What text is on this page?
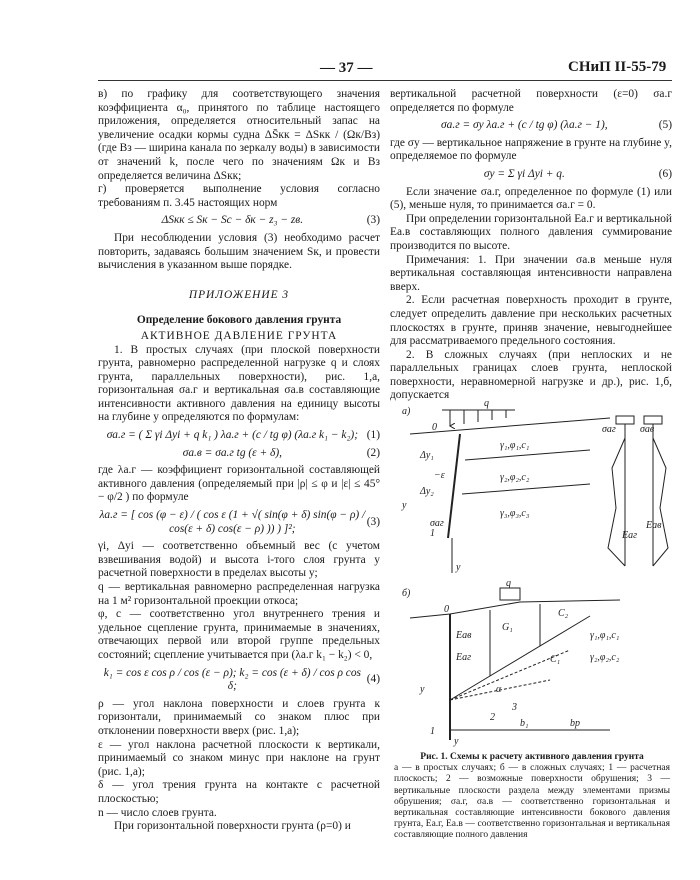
— 37 —	СНиП II-55-79

в) по графику для соответствующего значения коэффициента α₀, принятого по таблице настоящего приложения, определяется относительный запас на увеличение осадки кормы судна ΔS̄кк = ΔSкк / (Ωк/Bз) (где Bз — ширина канала по зеркалу воды) в зависимости от значений k, после чего по значениям Ωк и Bз определяется величина ΔSкк;

г) проверяется выполнение условия согласно требованиям п. 3.45 настоящих норм

ΔSкк ≤ Sк − Sс − δк − z₃ − zв.	(3)

При несоблюдении условия (3) необходимо расчет повторить, задаваясь большим значением Sк, и провести вычисления в указанном выше порядке.

ПРИЛОЖЕНИЕ 3

Определение бокового давления грунта

АКТИВНОЕ ДАВЛЕНИЕ ГРУНТА

1. В простых случаях (при плоской поверхности грунта, равномерно распределенной нагрузке q и слоях грунта, параллельных поверхности), рис. 1,а, горизонтальная σа.г и вертикальная σа.в составляющие интенсивности активного давления на единицу высоты на глубине y определяются по формулам:

σа.г = ( Σ γi Δyi + q k₁ ) λа.г + (c / tg φ) (λа.г k₁ − k₂); (1)
σа.в = σа.г tg (ε + δ),	(2)

где λа.г — коэффициент горизонтальной составляющей активного давления (определяемый при |ρ| ≤ φ и |ε| ≤ 45° − φ/2 ) по формуле

λа.г = [ cos (φ − ε) / ( cos ε (1 + √( sin(φ + δ) sin(φ − ρ) / cos(ε + δ) cos(ε − ρ) )) ) ]²;
(3)

γi, Δyi — соответственно объемный вес (с учетом взвешивания водой) и высота i-того слоя грунта у расчетной поверхности в пределах высоты y;

q — вертикальная равномерно распределенная нагрузка на 1 м² горизонтальной проекции откоса;

φ, c — соответственно угол внутреннего трения и удельное сцепление грунта, принимаемые в значениях, отвечающих первой или второй группе предельных состояний; сцепление учитывается при (λа.г k₁ − k₂) < 0,

k₁ = cos ε cos ρ / cos (ε − ρ); k₂ = cos (ε + δ) / cos ρ cos δ;
(4)

ρ — угол наклона поверхности и слоев грунта к горизонтали, принимаемый со знаком плюс при отклонении поверхности вверх (рис. 1,а);

ε — угол наклона расчетной плоскости к вертикали, принимаемый со знаком минус при наклоне на грунт (рис. 1,а);

δ — угол трения грунта на контакте с расчетной плоскостью;

n — число слоев грунта.

При горизонтальной поверхности грунта (ρ=0) и

вертикальной расчетной поверхности (ε=0) σа.г определяется по формуле

σа.г = σy λа.г + (c / tg φ) (λа.г − 1),	(5)

где σy — вертикальное напряжение в грунте на глубине y, определяемое по формуле

σy = Σ γi Δyi + q.	(6)

Если значение σа.г, определенное по формуле (1) или (5), меньше нуля, то принимается σа.г = 0.

При определении горизонтальной Eа.г и вертикальной Eа.в составляющих полного давления суммирование производится по высоте.

Примечания: 1. При значении σа.в меньше нуля вертикальная составляющая интенсивности направлена вверх.

2. Если расчетная поверхность проходит в грунте, следует определить давление при нескольких расчетных плоскостях в грунте, приняв значение, невыгоднейшее для рассматриваемого предельного состояния.

2. В сложных случаях (при неплоских и не параллельных границах слоев грунта, неплоской поверхности, неравномерной нагрузке и др.), рис. 1,б, допускается

а)
q
0
y
γ₁,φ₁,c₁
γ₂,φ₂,c₂
γ₃,φ₃,c₃
Δy₁
Δy₂
−ε
y
1
σаг
σаг σав
Eаг
Eав
б)
q
0
y
Eав
Eаг
G₁
α
γ₁,φ₁,c₁
γ₂,φ₂,c₂
C₂
C₁
y
1
2
3
b₁	bр

Рис. 1. Схемы к расчету активного давления грунта

а — в простых случаях; б — в сложных случаях; 1 — расчетная плоскость; 2 — возможные поверхности обрушения; 3 — вертикальные плоскости раздела между элементами призмы обрушения; σа.г, σа.в — соответственно горизонтальная и вертикальная составляющие интенсивности бокового давления грунта, Eа.г, Eа.в — соответственно горизонтальная и вертикальная составляющие полного давления
